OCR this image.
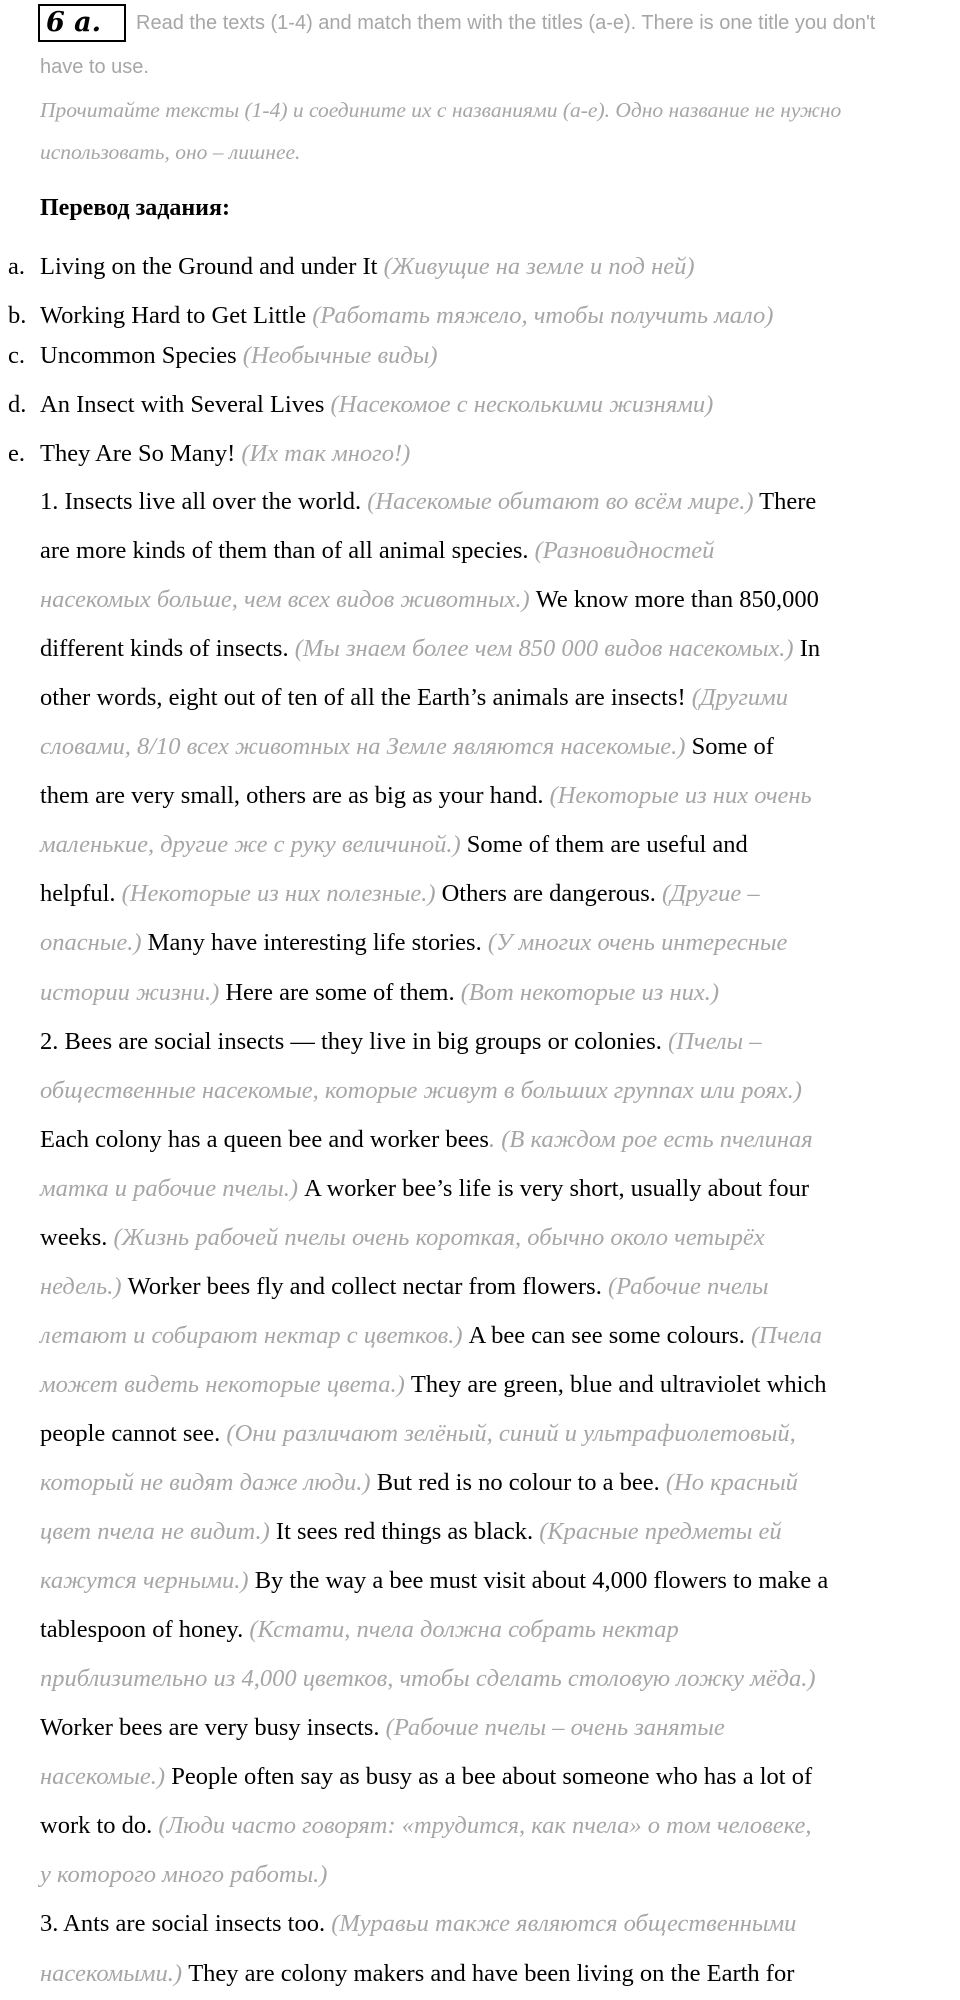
6 a.	Read the texts (1-4) and match them with the titles (a-e). There is one title you don't
have to use.
Прочитайте тексты (1-4) и соедините их с названиями (а-е). Одно название не нужно
использовать, оно – лишнее.
Перевод задания:
a. Living on the Ground and under It (Живущие на земле и под ней)
b. Working Hard to Get Little (Работать тяжело, чтобы получить мало)
c. Uncommon Species (Необычные виды)
d. An Insect with Several Lives (Насекомое с несколькими жизнями)
e. They Are So Many! (Их так много!)
1. Insects live all over the world. (Насекомые обитают во всём мире.) There
are more kinds of them than of all animal species. (Разновидностей
насекомых больше, чем всех видов животных.) We know more than 850,000
different kinds of insects. (Мы знаем более чем 850 000 видов насекомых.) In
other words, eight out of ten of all the Earth’s animals are insects! (Другими
словами, 8/10 всех животных на Земле являются насекомые.) Some of
them are very small, others are as big as your hand. (Некоторые из них очень
маленькие, другие же с руку величиной.) Some of them are useful and
helpful. (Некоторые из них полезные.) Others are dangerous. (Другие –
опасные.) Many have interesting life stories. (У многих очень интересные
истории жизни.) Here are some of them. (Вот некоторые из них.)
2. Bees are social insects — they live in big groups or colonies. (Пчелы –
общественные насекомые, которые живут в больших группах или роях.)
Each colony has a queen bee and worker bees. (В каждом рое есть пчелиная
матка и рабочие пчелы.) A worker bee’s life is very short, usually about four
weeks. (Жизнь рабочей пчелы очень короткая, обычно около четырёх
недель.) Worker bees fly and collect nectar from flowers. (Рабочие пчелы
летают и собирают нектар с цветков.) A bee can see some colours. (Пчела
может видеть некоторые цвета.) They are green, blue and ultraviolet which
people cannot see. (Они различают зелёный, синий и ультрафиолетовый,
который не видят даже люди.) But red is no colour to a bee. (Но красный
цвет пчела не видит.) It sees red things as black. (Красные предметы ей
кажутся черными.) By the way a bee must visit about 4,000 flowers to make a
tablespoon of honey. (Кстати, пчела должна собрать нектар
приблизительно из 4,000 цветков, чтобы сделать столовую ложку мёда.)
Worker bees are very busy insects. (Рабочие пчелы – очень занятые
насекомые.) People often say as busy as a bee about someone who has a lot of
work to do. (Люди часто говорят: «трудится, как пчела» о том человеке,
у которого много работы.)
3. Ants are social insects too. (Муравьи также являются общественными
насекомыми.) They are colony makers and have been living on the Earth for
